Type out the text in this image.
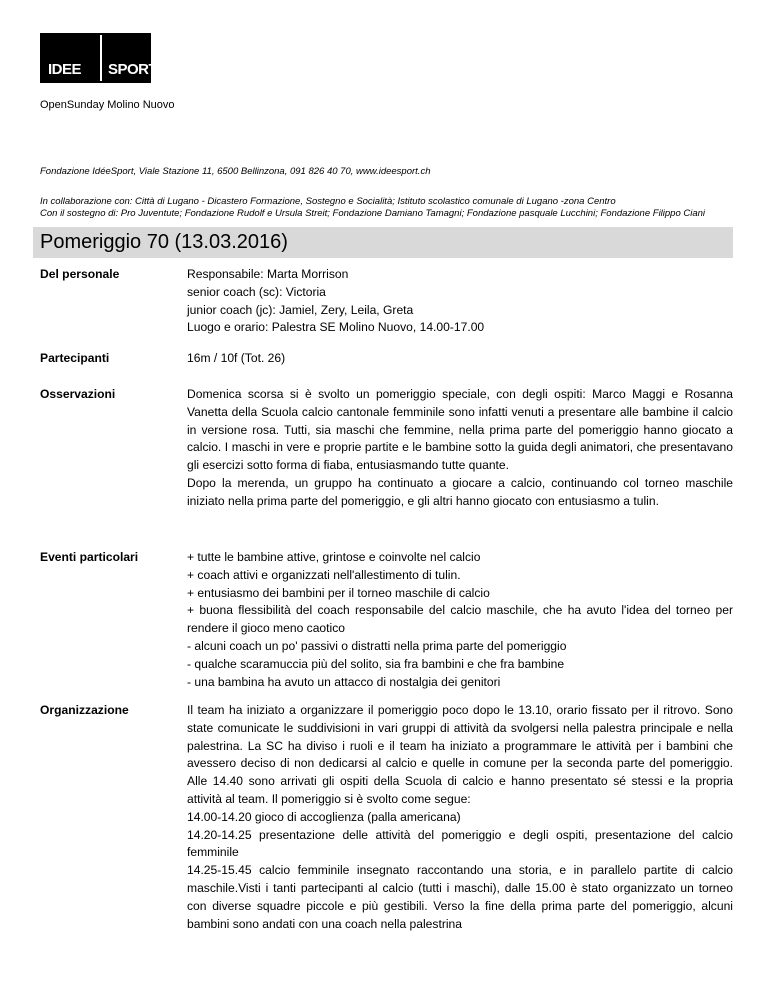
IDEE SPORT
OpenSunday Molino Nuovo
Fondazione IdéeSport, Viale Stazione 11, 6500 Bellinzona, 091 826 40 70, www.ideesport.ch
In collaborazione con: Città di Lugano - Dicastero Formazione, Sostegno e Socialità; Istituto scolastico comunale di Lugano -zona Centro
Con il sostegno di: Pro Juventute; Fondazione Rudolf e Ursula Streit; Fondazione Damiano Tamagni; Fondazione pasquale Lucchini; Fondazione Filippo Ciani
Pomeriggio 70 (13.03.2016)
Del personale	Responsabile: Marta Morrison
senior coach (sc): Victoria
junior coach (jc): Jamiel, Zery, Leila, Greta
Luogo e orario: Palestra SE Molino Nuovo, 14.00-17.00
Partecipanti	16m / 10f (Tot. 26)
Osservazioni	Domenica scorsa si è svolto un pomeriggio speciale, con degli ospiti: Marco Maggi e Rosanna Vanetta della Scuola calcio cantonale femminile sono infatti venuti a presentare alle bambine il calcio in versione rosa. Tutti, sia maschi che femmine, nella prima parte del pomeriggio hanno giocato a calcio. I maschi in vere e proprie partite e le bambine sotto la guida degli animatori, che presentavano gli esercizi sotto forma di fiaba, entusiasmando tutte quante.
Dopo la merenda, un gruppo ha continuato a giocare a calcio, continuando col torneo maschile iniziato nella prima parte del pomeriggio, e gli altri hanno giocato con entusiasmo a tulin.
Eventi particolari	+ tutte le bambine attive, grintose e coinvolte nel calcio
+ coach attivi e organizzati nell'allestimento di tulin.
+ entusiasmo dei bambini per il torneo maschile di calcio
+ buona flessibilità del coach responsabile del calcio maschile, che ha avuto l'idea del torneo per rendere il gioco meno caotico
- alcuni coach un po' passivi o distratti nella prima parte del pomeriggio
- qualche scaramuccia più del solito, sia fra bambini e che fra bambine
- una bambina ha avuto un attacco di nostalgia dei genitori
Organizzazione	Il team ha iniziato a organizzare il pomeriggio poco dopo le 13.10, orario fissato per il ritrovo. Sono state comunicate le suddivisioni in vari gruppi di attività da svolgersi nella palestra principale e nella palestrina. La SC ha diviso i ruoli e il team ha iniziato a programmare le attività per i bambini che avessero deciso di non dedicarsi al calcio e quelle in comune per la seconda parte del pomeriggio. Alle 14.40 sono arrivati gli ospiti della Scuola di calcio e hanno presentato sé stessi e la propria attività al team. Il pomeriggio si è svolto come segue:
14.00-14.20 gioco di accoglienza (palla americana)
14.20-14.25 presentazione delle attività del pomeriggio e degli ospiti, presentazione del calcio femminile
14.25-15.45 calcio femminile insegnato raccontando una storia, e in parallelo partite di calcio maschile.Visti i tanti partecipanti al calcio (tutti i maschi), dalle 15.00 è stato organizzato un torneo con diverse squadre piccole e più gestibili. Verso la fine della prima parte del pomeriggio, alcuni bambini sono andati con una coach nella palestrina
